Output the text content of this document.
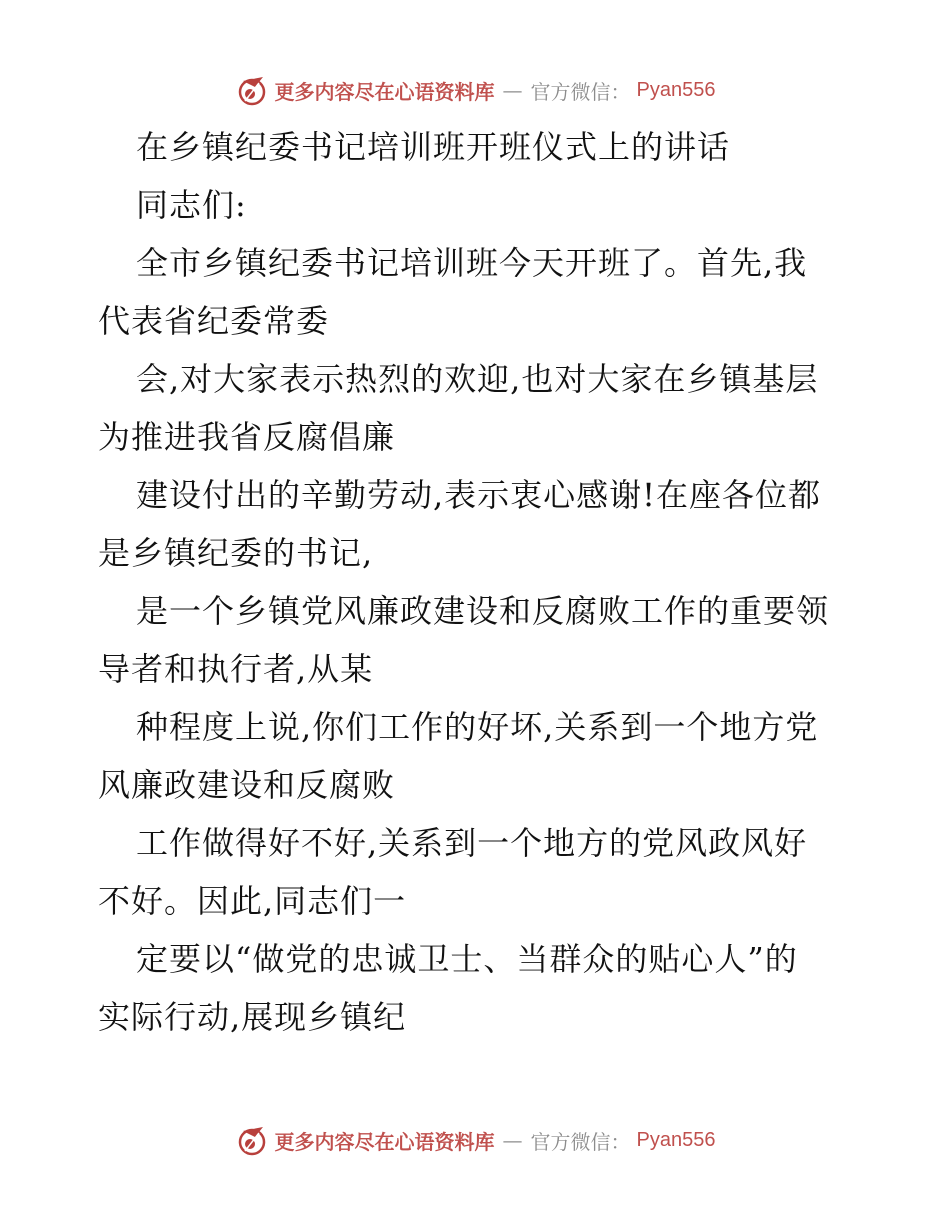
更多内容尽在心语资料库 — 官方微信： Pyan556
在乡镇纪委书记培训班开班仪式上的讲话
同志们:
全市乡镇纪委书记培训班今天开班了。首先,我
代表省纪委常委
会,对大家表示热烈的欢迎,也对大家在乡镇基层
为推进我省反腐倡廉
建设付出的辛勤劳动,表示衷心感谢!在座各位都
是乡镇纪委的书记,
是一个乡镇党风廉政建设和反腐败工作的重要领
导者和执行者,从某
种程度上说,你们工作的好坏,关系到一个地方党
风廉政建设和反腐败
工作做得好不好,关系到一个地方的党风政风好
不好。因此,同志们一
定要以“做党的忠诚卫士、当群众的贴心人”的
实际行动,展现乡镇纪
更多内容尽在心语资料库 — 官方微信： Pyan556
